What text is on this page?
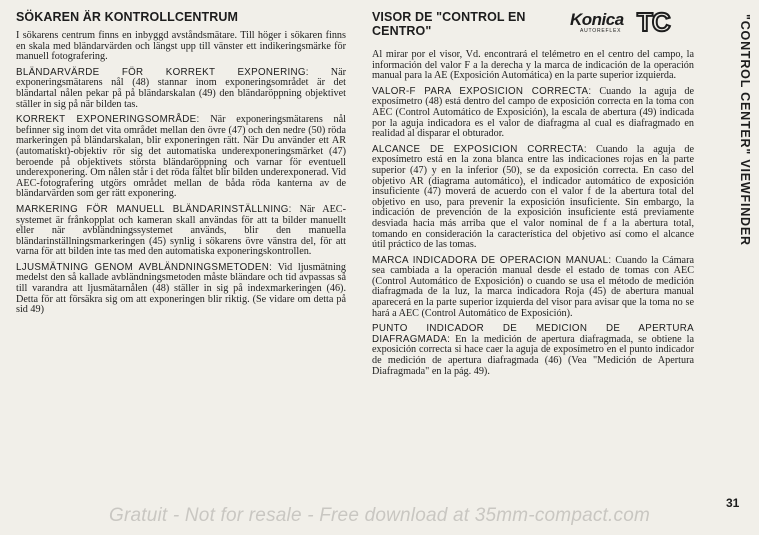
SÖKAREN ÄR KONTROLLCENTRUM

I sökarens centrum finns en inbyggd avståndsmätare. Till höger i sökaren finns en skala med bländarvärden och längst upp till vänster ett indikeringsmärke för manuell fotografering.

BLÄNDARVÄRDE FÖR KORREKT EXPONERING: När exponeringsmätarens nål (48) stannar inom exponeringsområdet är det bländartal nålen pekar på på bländarskalan (49) den bländaröppning objektivet ställer in sig på när bilden tas.

KORREKT EXPONERINGSOMRÅDE: När exponeringsmätarens nål befinner sig inom det vita området mellan den övre (47) och den nedre (50) röda markeringen på bländarskalan, blir exponeringen rätt. När Du använder ett AR (automatiskt)-objektiv rör sig det automatiska underexponeringsmärket (47) beroende på objektivets största bländaröppning och varnar för eventuell underexponering. Om nålen står i det röda fältet blir bilden underexponerad. Vid AEC-fotografering utgörs området mellan de båda röda kanterna av de bländarvärden som ger rätt exponering.

MARKERING FÖR MANUELL BLÄNDARINSTÄLLNING: När AEC-systemet är frånkopplat och kameran skall användas för att ta bilder manuellt eller när avbländningssystemet används, blir den manuella bländarinställningsmarkeringen (45) synlig i sökarens övre vänstra del, för att varna för att bilden inte tas med den automatiska exponeringskontrollen.

LJUSMÄTNING GENOM AVBLÄNDNINGSMETODEN: Vid ljusmätning medelst den så kallade avbländningsmetoden måste bländare och tid avpassas så till varandra att ljusmätarnålen (48) ställer in sig på indexmarkeringen (46). Detta för att försäkra sig om att exponeringen blir riktig. (Se vidare om detta på sid 49)

VISOR DE "CONTROL EN CENTRO"
Konica
AUTOREFLEX TC

Al mirar por el visor, Vd. encontrará el telémetro en el centro del campo, la información del valor F a la derecha y la marca de indicación de la operación manual para la AE (Exposición Automática) en la parte superior izquierda.

VALOR-F PARA EXPOSICION CORRECTA: Cuando la aguja de exposímetro (48) está dentro del campo de exposición correcta en la toma con AEC (Control Automático de Exposición), la escala de abertura (49) indicada por la aguja indicadora es el valor de diafragma al cual es diafragmado en realidad al disparar el obturador.

ALCANCE DE EXPOSICION CORRECTA: Cuando la aguja de exposímetro está en la zona blanca entre las indicaciones rojas en la parte superior (47) y en la inferior (50), se da exposición correcta. En caso del objetivo AR (diagrama automático), el indicador automático de exposición insuficiente (47) moverá de acuerdo con el valor f de la abertura total del objetivo en uso, para prevenir la exposición insuficiente. Sin embargo, la indicación de prevención de la exposición insuficiente está previamente desviada hacia más arriba que el valor nominal de f a la abertura total, tomando en consideración la característica del objetivo así como el alcance útil práctico de las tomas.

MARCA INDICADORA DE OPERACION MANUAL: Cuando la Cámara sea cambiada a la operación manual desde el estado de tomas con AEC (Control Automático de Exposición) o cuando se usa el método de medición diafragmada de la luz, la marca indicadora Roja (45) de abertura manual aparecerá en la parte superior izquierda del visor para avisar que la toma no se hará a AEC (Control Automático de Exposición).

PUNTO INDICADOR DE MEDICION DE APERTURA DIAFRAGMADA: En la medición de apertura diafragmada, se obtiene la exposición correcta si hace caer la aguja de exposímetro en el punto indicador de medición de apertura diafragmada (46) (Vea "Medición de Apertura Diafragmada" en la pág. 49).

"CONTROL CENTER" VIEWFINDER
31
Gratuit - Not for resale - Free download at 35mm-compact.com
